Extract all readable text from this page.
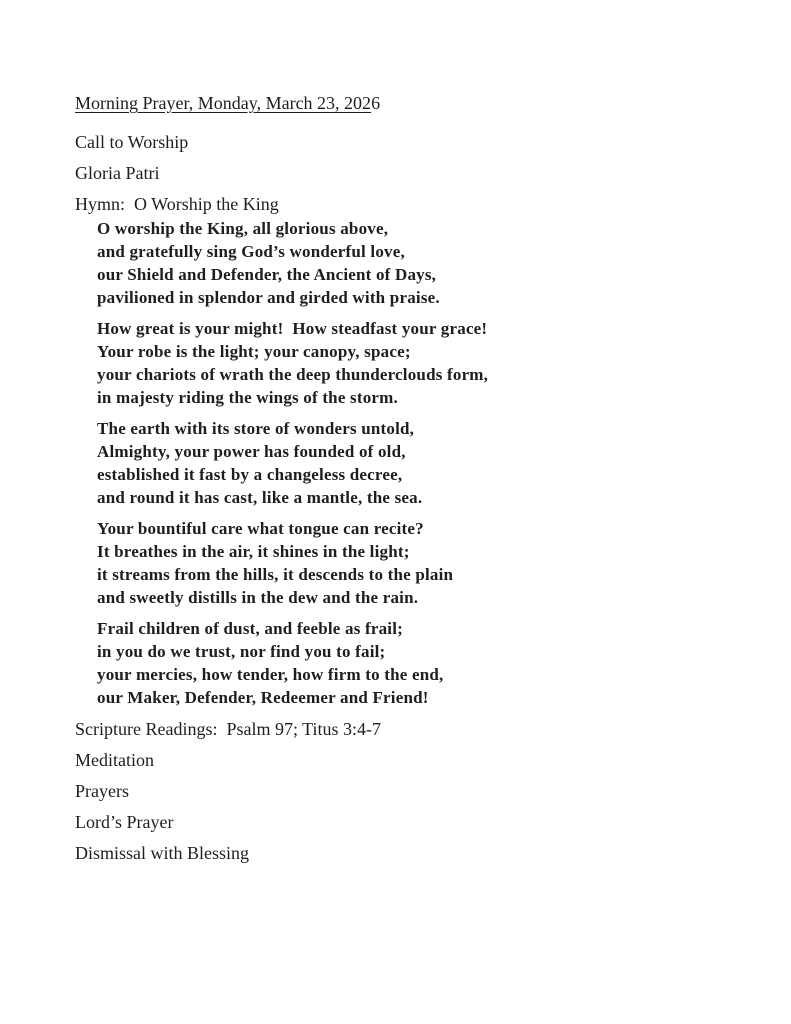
Morning Prayer, Monday, March 23, 2026
Call to Worship
Gloria Patri
Hymn:  O Worship the King
O worship the King, all glorious above,
and gratefully sing God’s wonderful love,
our Shield and Defender, the Ancient of Days,
pavilioned in splendor and girded with praise.
How great is your might!  How steadfast your grace!
Your robe is the light; your canopy, space;
your chariots of wrath the deep thunderclouds form,
in majesty riding the wings of the storm.
The earth with its store of wonders untold,
Almighty, your power has founded of old,
established it fast by a changeless decree,
and round it has cast, like a mantle, the sea.
Your bountiful care what tongue can recite?
It breathes in the air, it shines in the light;
it streams from the hills, it descends to the plain
and sweetly distills in the dew and the rain.
Frail children of dust, and feeble as frail;
in you do we trust, nor find you to fail;
your mercies, how tender, how firm to the end,
our Maker, Defender, Redeemer and Friend!
Scripture Readings:  Psalm 97; Titus 3:4-7
Meditation
Prayers
Lord’s Prayer
Dismissal with Blessing
